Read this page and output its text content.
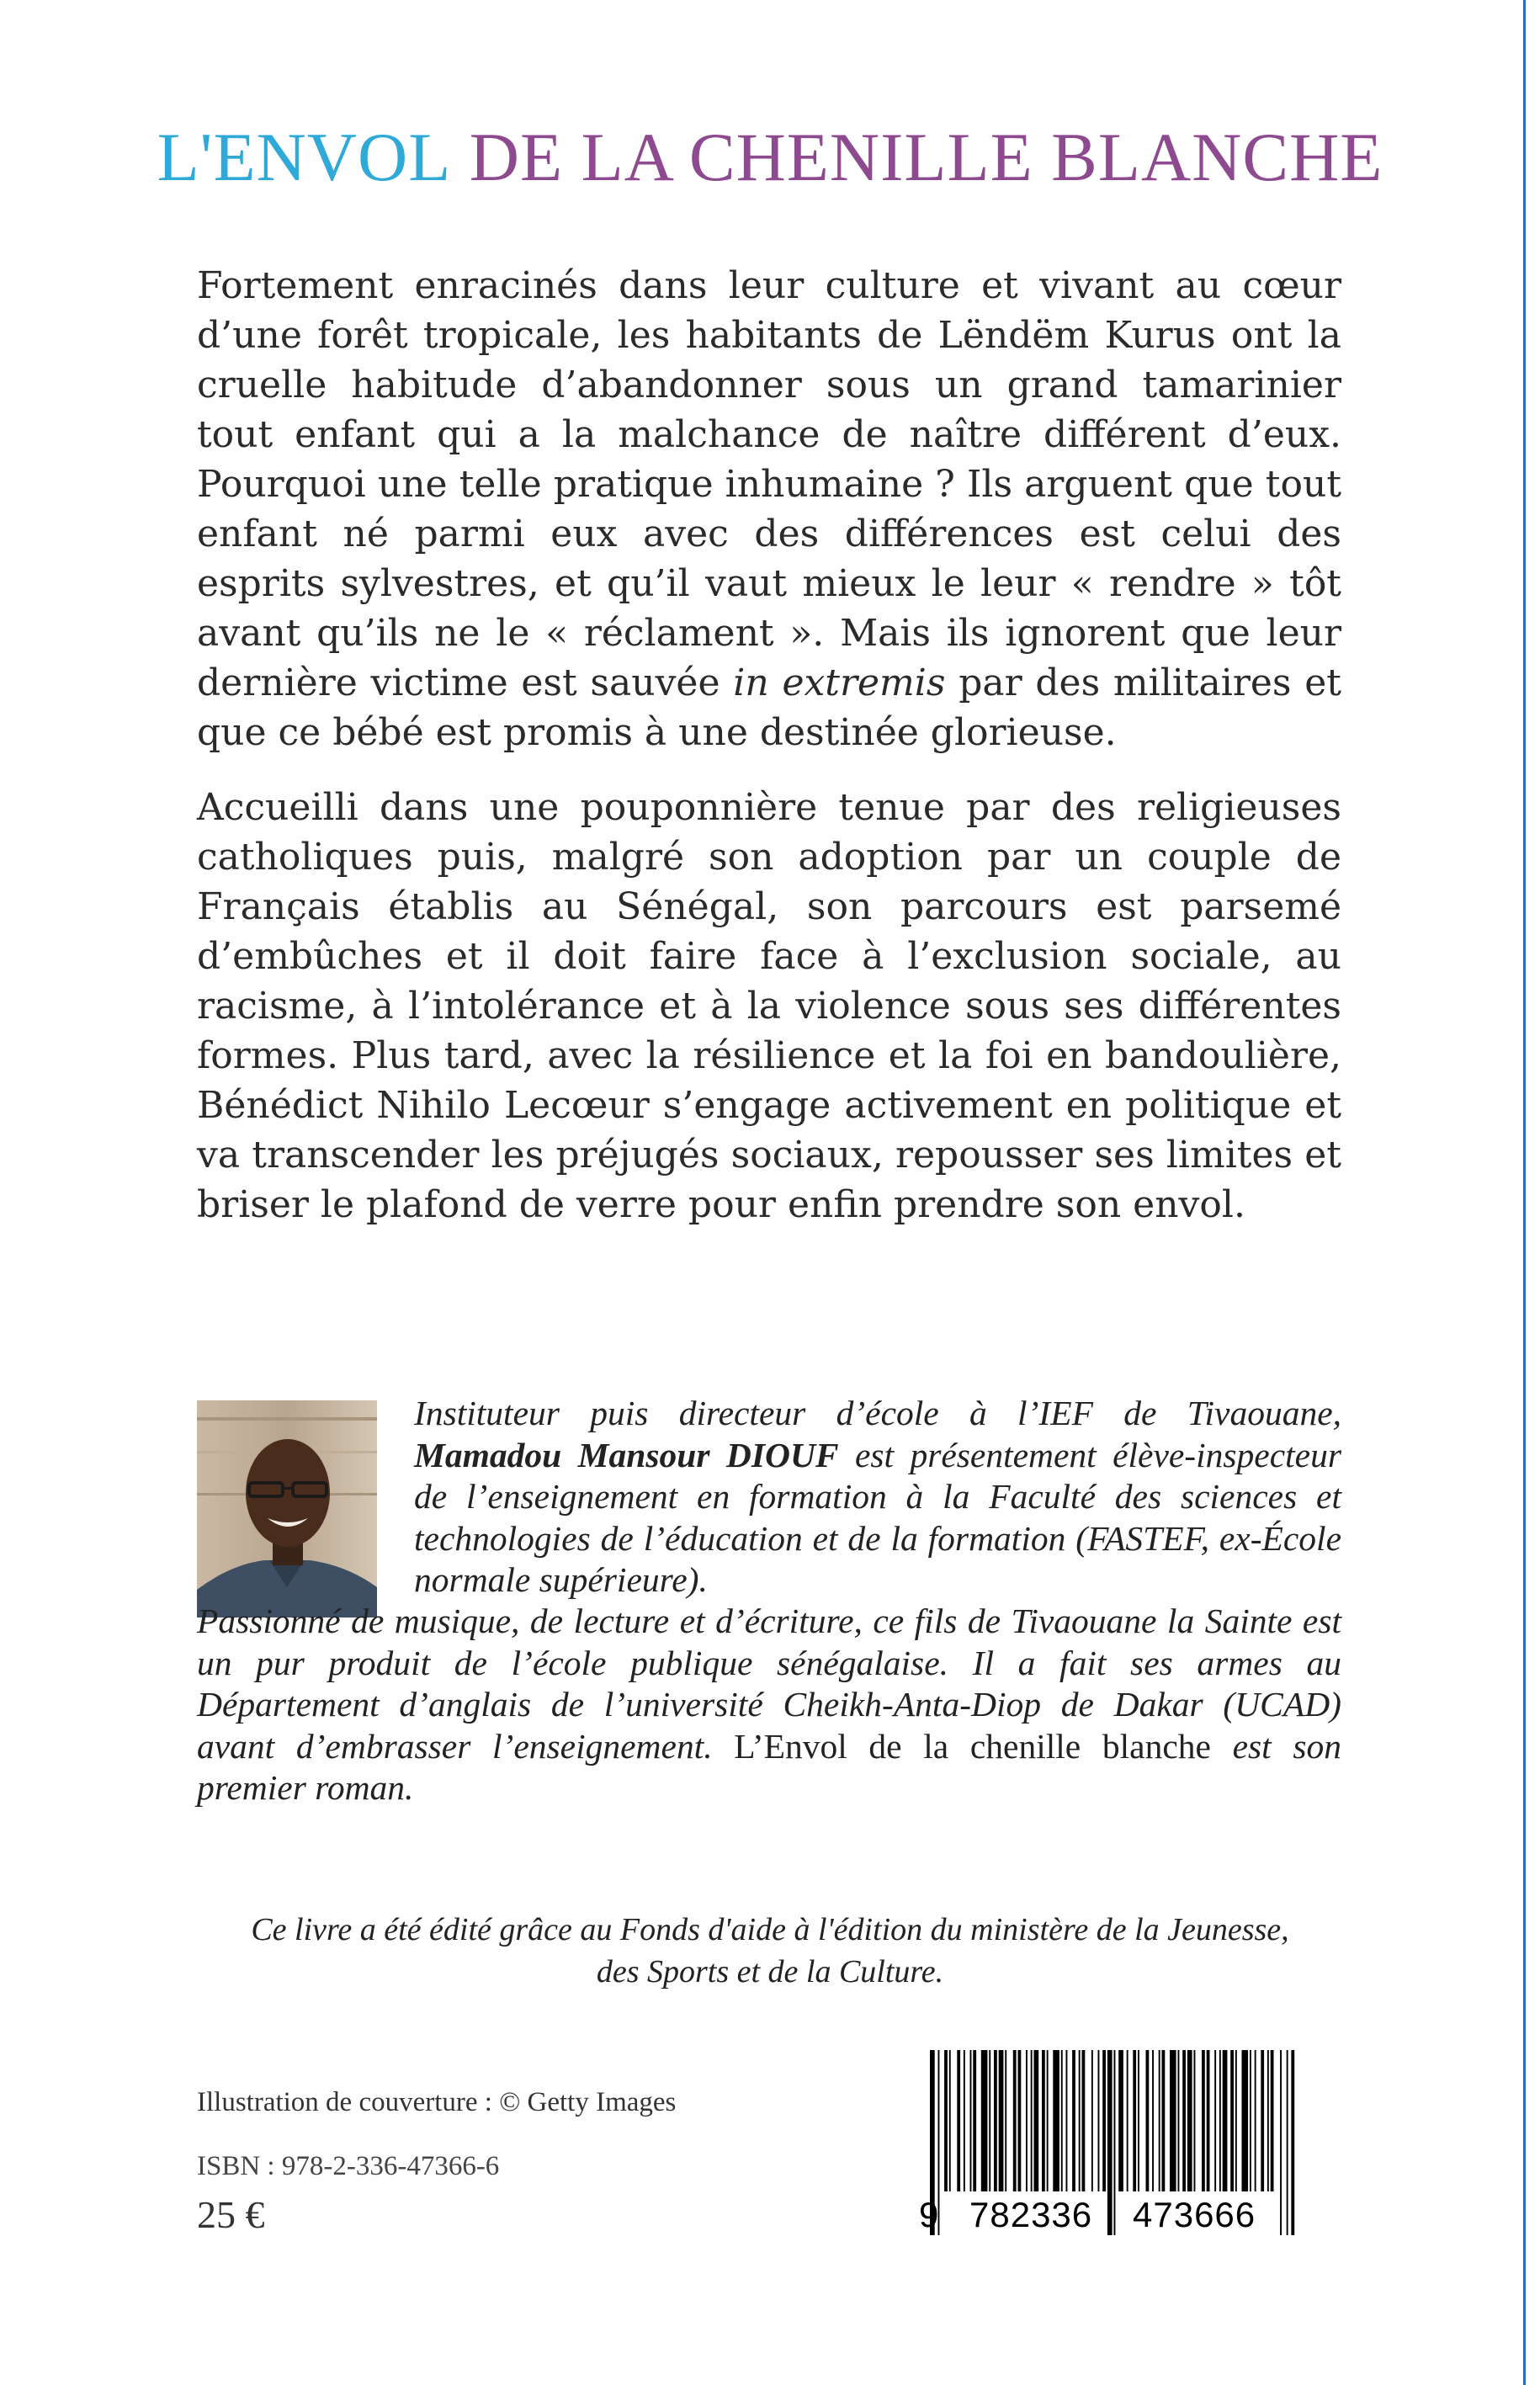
L'ENVOL DE LA CHENILLE BLANCHE

Fortement enracinés dans leur culture et vivant au cœur d’une forêt tropicale, les habitants de Lëndëm Kurus ont la cruelle habitude d’abandonner sous un grand tamarinier tout enfant qui a la malchance de naître différent d’eux. Pourquoi une telle pratique inhumaine ? Ils arguent que tout enfant né parmi eux avec des différences est celui des esprits sylvestres, et qu’il vaut mieux le leur « rendre » tôt avant qu’ils ne le « réclament ». Mais ils ignorent que leur dernière victime est sauvée in extremis par des militaires et que ce bébé est promis à une destinée glorieuse.

Accueilli dans une pouponnière tenue par des religieuses catholiques puis, malgré son adoption par un couple de Français établis au Sénégal, son parcours est parsemé d’embûches et il doit faire face à l’exclusion sociale, au racisme, à l’intolérance et à la violence sous ses différentes formes. Plus tard, avec la résilience et la foi en bandoulière, Bénédict Nihilo Lecœur s’engage activement en politique et va transcender les préjugés sociaux, repousser ses limites et briser le plafond de verre pour enfin prendre son envol.

Instituteur puis directeur d’école à l’IEF de Tivaouane, Mamadou Mansour DIOUF est présentement élève-inspecteur de l’enseignement en formation à la Faculté des sciences et technologies de l’éducation et de la formation (FASTEF, ex-École normale supérieure).

Passionné de musique, de lecture et d’écriture, ce fils de Tivaouane la Sainte est un pur produit de l’école publique sénégalaise. Il a fait ses armes au Département d’anglais de l’université Cheikh-Anta-Diop de Dakar (UCAD) avant d’embrasser l’enseignement. L’Envol de la chenille blanche est son premier roman.

Ce livre a été édité grâce au Fonds d'aide à l'édition du ministère de la Jeunesse,
des Sports et de la Culture.
Illustration de couverture : © Getty Images
ISBN : 978-2-336-47366-6
25 €	9 782336 473666
